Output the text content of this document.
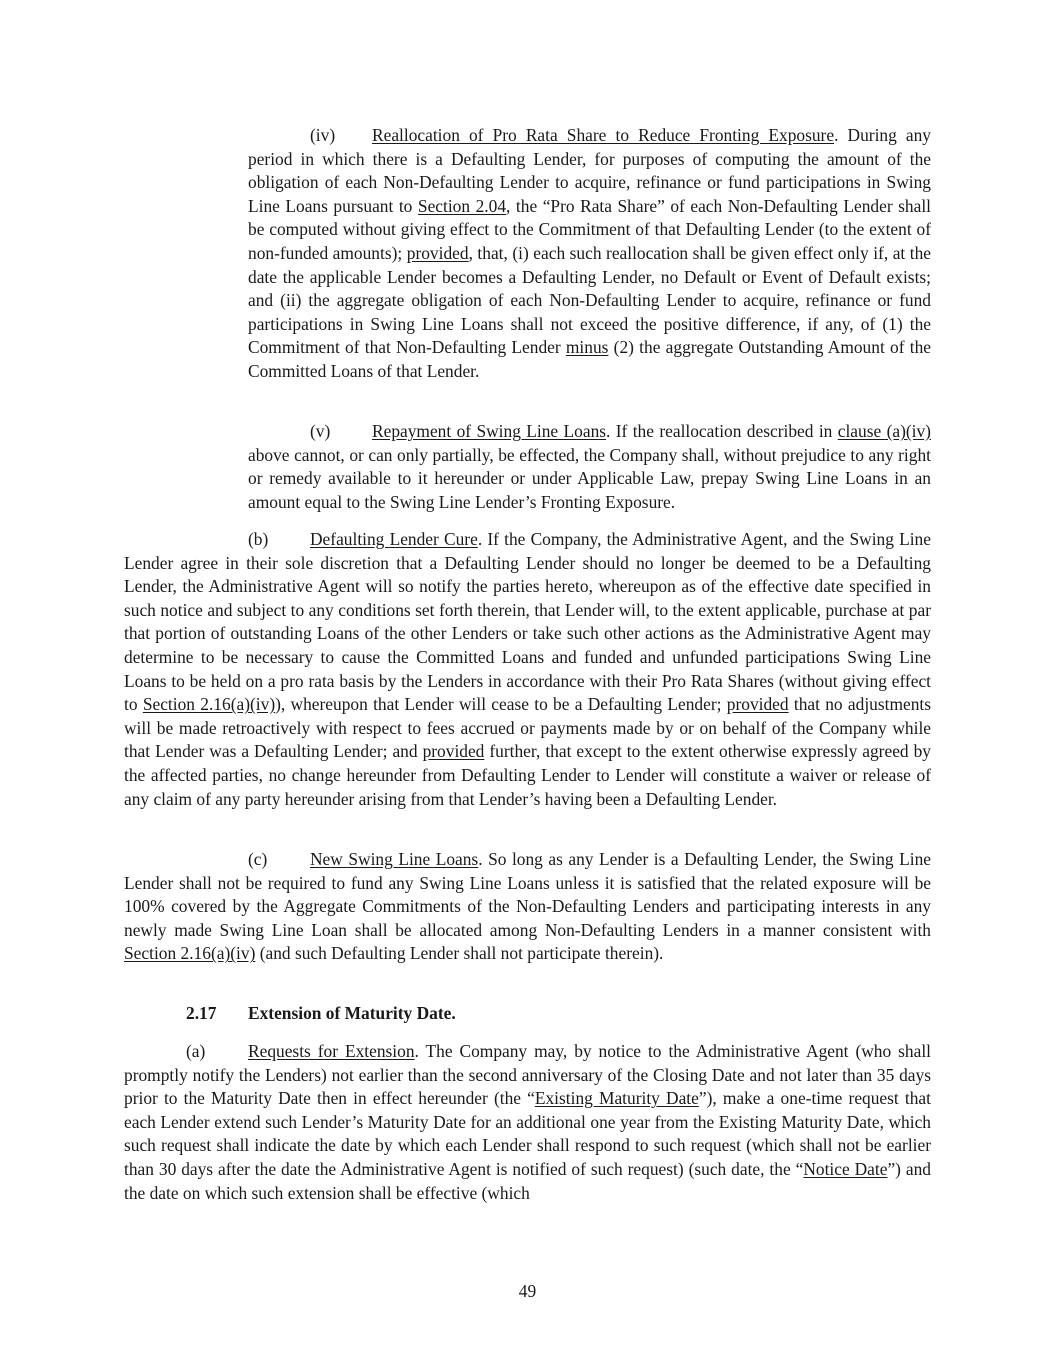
(iv) Reallocation of Pro Rata Share to Reduce Fronting Exposure. During any period in which there is a Defaulting Lender, for purposes of computing the amount of the obligation of each Non-Defaulting Lender to acquire, refinance or fund participations in Swing Line Loans pursuant to Section 2.04, the “Pro Rata Share” of each Non-Defaulting Lender shall be computed without giving effect to the Commitment of that Defaulting Lender (to the extent of non-funded amounts); provided, that, (i) each such reallocation shall be given effect only if, at the date the applicable Lender becomes a Defaulting Lender, no Default or Event of Default exists; and (ii) the aggregate obligation of each Non-Defaulting Lender to acquire, refinance or fund participations in Swing Line Loans shall not exceed the positive difference, if any, of (1) the Commitment of that Non-Defaulting Lender minus (2) the aggregate Outstanding Amount of the Committed Loans of that Lender.

(v) Repayment of Swing Line Loans. If the reallocation described in clause (a)(iv) above cannot, or can only partially, be effected, the Company shall, without prejudice to any right or remedy available to it hereunder or under Applicable Law, prepay Swing Line Loans in an amount equal to the Swing Line Lender’s Fronting Exposure.

(b) Defaulting Lender Cure. If the Company, the Administrative Agent, and the Swing Line Lender agree in their sole discretion that a Defaulting Lender should no longer be deemed to be a Defaulting Lender, the Administrative Agent will so notify the parties hereto, whereupon as of the effective date specified in such notice and subject to any conditions set forth therein, that Lender will, to the extent applicable, purchase at par that portion of outstanding Loans of the other Lenders or take such other actions as the Administrative Agent may determine to be necessary to cause the Committed Loans and funded and unfunded participations Swing Line Loans to be held on a pro rata basis by the Lenders in accordance with their Pro Rata Shares (without giving effect to Section 2.16(a)(iv)), whereupon that Lender will cease to be a Defaulting Lender; provided that no adjustments will be made retroactively with respect to fees accrued or payments made by or on behalf of the Company while that Lender was a Defaulting Lender; and provided further, that except to the extent otherwise expressly agreed by the affected parties, no change hereunder from Defaulting Lender to Lender will constitute a waiver or release of any claim of any party hereunder arising from that Lender’s having been a Defaulting Lender.

(c) New Swing Line Loans. So long as any Lender is a Defaulting Lender, the Swing Line Lender shall not be required to fund any Swing Line Loans unless it is satisfied that the related exposure will be 100% covered by the Aggregate Commitments of the Non-Defaulting Lenders and participating interests in any newly made Swing Line Loan shall be allocated among Non-Defaulting Lenders in a manner consistent with Section 2.16(a)(iv) (and such Defaulting Lender shall not participate therein).

2.17 Extension of Maturity Date.

(a) Requests for Extension. The Company may, by notice to the Administrative Agent (who shall promptly notify the Lenders) not earlier than the second anniversary of the Closing Date and not later than 35 days prior to the Maturity Date then in effect hereunder (the “Existing Maturity Date”), make a one-time request that each Lender extend such Lender’s Maturity Date for an additional one year from the Existing Maturity Date, which such request shall indicate the date by which each Lender shall respond to such request (which shall not be earlier than 30 days after the date the Administrative Agent is notified of such request) (such date, the “Notice Date”) and the date on which such extension shall be effective (which

49
